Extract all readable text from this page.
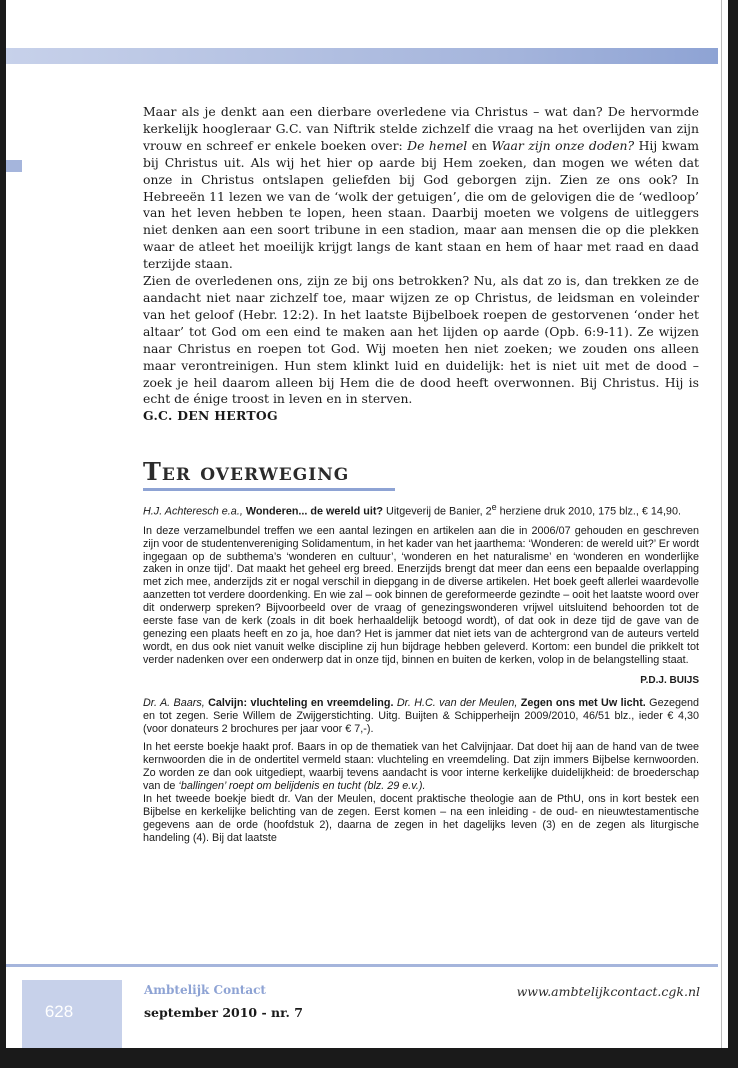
Maar als je denkt aan een dierbare overledene via Christus – wat dan? De hervormde kerkelijk hoogleraar G.C. van Niftrik stelde zichzelf die vraag na het overlijden van zijn vrouw en schreef er enkele boeken over: De hemel en Waar zijn onze doden? Hij kwam bij Christus uit. Als wij het hier op aarde bij Hem zoeken, dan mogen we wéten dat onze in Christus ontslapen geliefden bij God geborgen zijn. Zien ze ons ook? In Hebreeën 11 lezen we van de ‘wolk der getuigen’, die om de gelovigen die de ‘wedloop’ van het leven hebben te lopen, heen staan. Daarbij moeten we volgens de uitleggers niet denken aan een soort tribune in een stadion, maar aan mensen die op die plekken waar de atleet het moeilijk krijgt langs de kant staan en hem of haar met raad en daad terzijde staan.

Zien de overledenen ons, zijn ze bij ons betrokken? Nu, als dat zo is, dan trekken ze de aandacht niet naar zichzelf toe, maar wijzen ze op Christus, de leidsman en voleinder van het geloof (Hebr. 12:2). In het laatste Bijbelboek roepen de gestorvenen ‘onder het altaar’ tot God om een eind te maken aan het lijden op aarde (Opb. 6:9-11). Ze wijzen naar Christus en roepen tot God. Wij moeten hen niet zoeken; we zouden ons alleen maar verontreinigen. Hun stem klinkt luid en duidelijk: het is niet uit met de dood – zoek je heil daarom alleen bij Hem die de dood heeft overwonnen. Bij Christus. Hij is echt de énige troost in leven en in sterven.

G.C. DEN HERTOG

Ter overweging

H.J. Achteresch e.a., Wonderen... de wereld uit? Uitgeverij de Banier, 2e herziene druk 2010, 175 blz., € 14,90.

In deze verzamelbundel treffen we een aantal lezingen en artikelen aan die in 2006/07 gehouden en geschreven zijn voor de studentenvereniging Solidamentum, in het kader van het jaarthema: ‘Wonderen: de wereld uit?’ Er wordt ingegaan op de subthema’s ‘wonderen en cultuur’, ‘wonderen en het naturalisme’ en ‘wonderen en wonderlijke zaken in onze tijd’. Dat maakt het geheel erg breed. Enerzijds brengt dat meer dan eens een bepaalde overlapping met zich mee, anderzijds zit er nogal verschil in diepgang in de diverse artikelen. Het boek geeft allerlei waardevolle aanzetten tot verdere doordenking. En wie zal – ook binnen de gereformeerde gezindte – ooit het laatste woord over dit onderwerp spreken? Bijvoorbeeld over de vraag of genezingswonderen vrijwel uitsluitend behoorden tot de eerste fase van de kerk (zoals in dit boek herhaaldelijk betoogd wordt), of dat ook in deze tijd de gave van de genezing een plaats heeft en zo ja, hoe dan? Het is jammer dat niet iets van de achtergrond van de auteurs verteld wordt, en dus ook niet vanuit welke discipline zij hun bijdrage hebben geleverd. Kortom: een bundel die prikkelt tot verder nadenken over een onderwerp dat in onze tijd, binnen en buiten de kerken, volop in de belangstelling staat.

P.D.J. BUIJS

Dr. A. Baars, Calvijn: vluchteling en vreemdeling. Dr. H.C. van der Meulen, Zegen ons met Uw licht. Gezegend en tot zegen. Serie Willem de Zwijgerstichting. Uitg. Buijten & Schipperheijn 2009/2010, 46/51 blz., ieder € 4,30 (voor donateurs 2 brochures per jaar voor € 7,-).

In het eerste boekje haakt prof. Baars in op de thematiek van het Calvijnjaar. Dat doet hij aan de hand van de twee kernwoorden die in de ondertitel vermeld staan: vluchteling en vreemdeling. Dat zijn immers Bijbelse kernwoorden. Zo worden ze dan ook uitgediept, waarbij tevens aandacht is voor interne kerkelijke duidelijkheid: de broederschap van de ‘ballingen’ roept om belijdenis en tucht (blz. 29 e.v.).

In het tweede boekje biedt dr. Van der Meulen, docent praktische theologie aan de PthU, ons in kort bestek een Bijbelse en kerkelijke belichting van de zegen. Eerst komen – na een inleiding - de oud- en nieuwtestamentische gegevens aan de orde (hoofdstuk 2), daarna de zegen in het dagelijks leven (3) en de zegen als liturgische handeling (4). Bij dat laatste

628
Ambtelijk Contact
september 2010 - nr. 7
www.ambtelijkcontact.cgk.nl
